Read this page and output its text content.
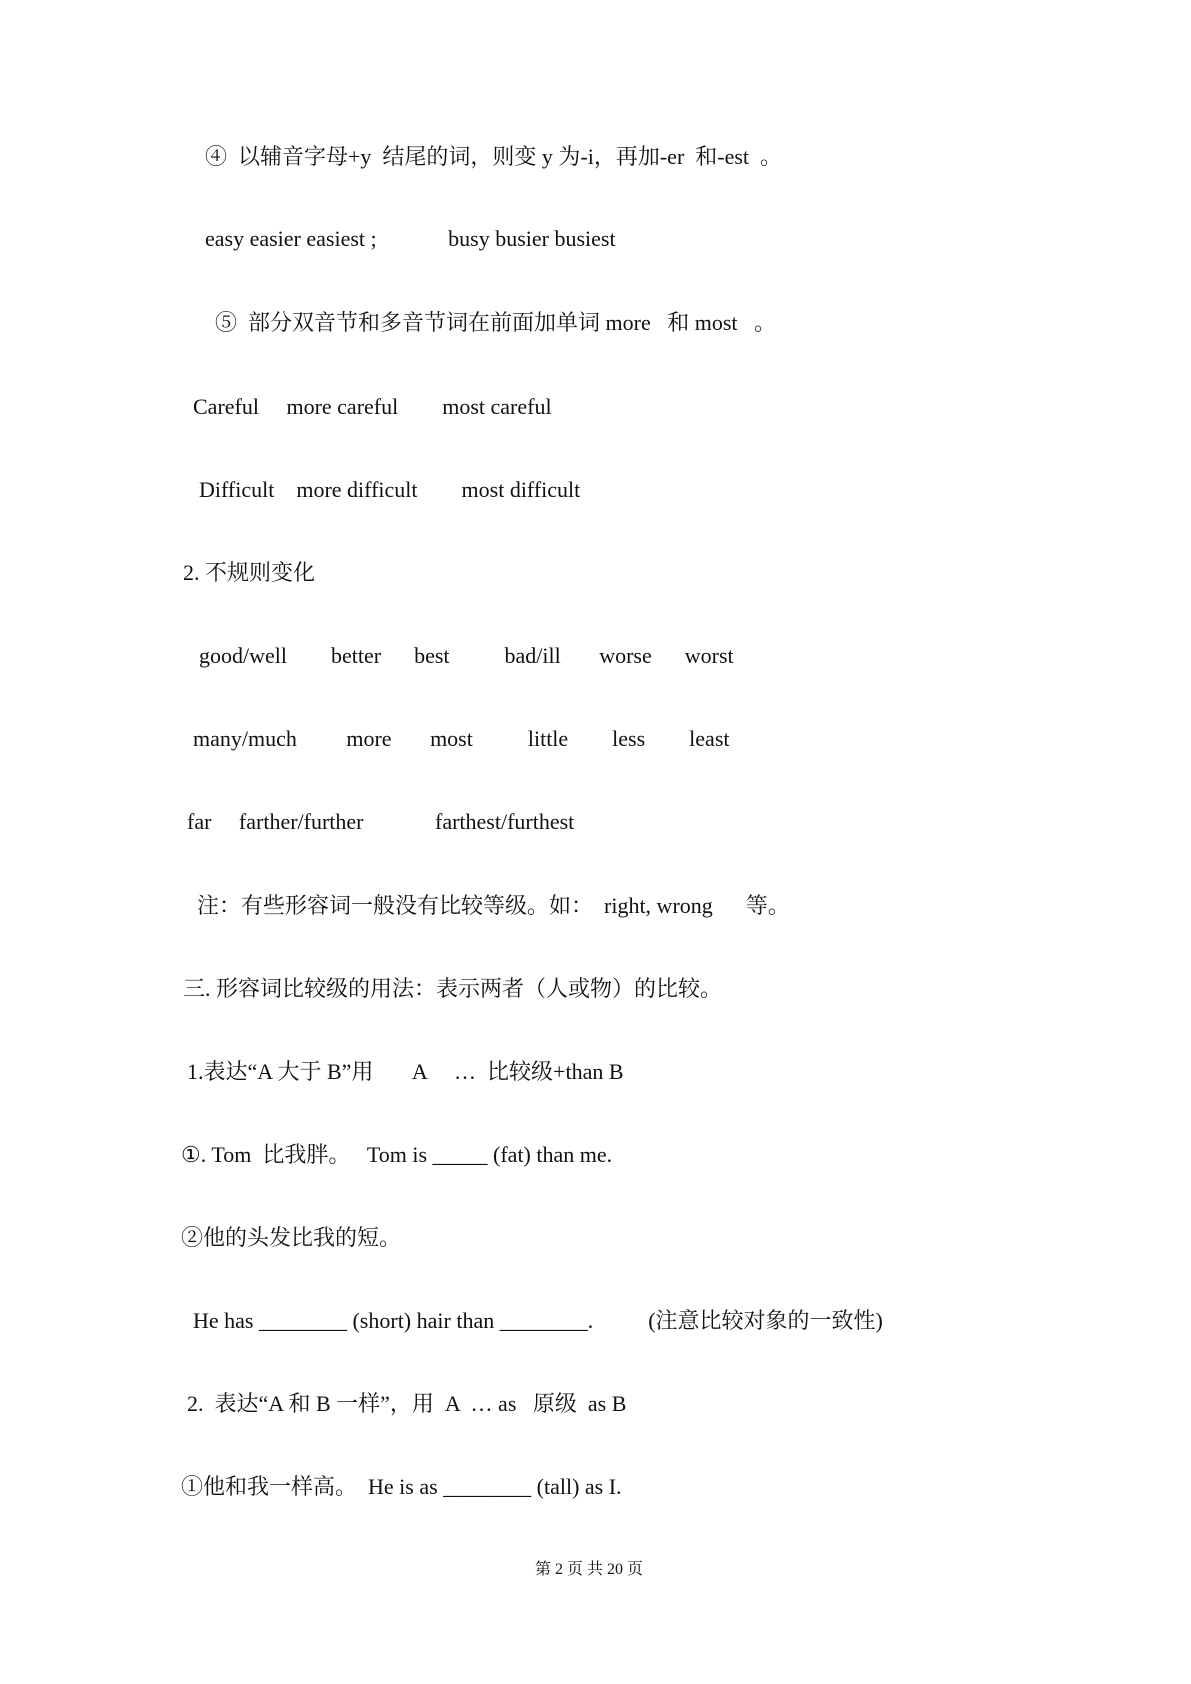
④  以辅音字母+y  结尾的词，则变 y 为-i，再加-er  和-est  。
easy easier easiest ;             busy busier busiest
⑤  部分双音节和多音节词在前面加单词 more   和 most   。
Careful     more careful        most careful
Difficult    more difficult        most difficult
2. 不规则变化
good/well        better      best          bad/ill       worse      worst
many/much         more       most          little        less        least
far     farther/further             farthest/furthest
注：有些形容词一般没有比较等级。如：  right, wrong      等。
三. 形容词比较级的用法：表示两者（人或物）的比较。
1.表达“A 大于 B”用       A     …  比较级+than B
①. Tom  比我胖。   Tom is _____ (fat) than me.
②他的头发比我的短。
He has ________ (short) hair than ________.          (注意比较对象的一致性)
2.  表达“A 和 B 一样”，用  A  … as   原级  as B
①他和我一样高。  He is as ________ (tall) as I.
第 2 页 共 20 页
